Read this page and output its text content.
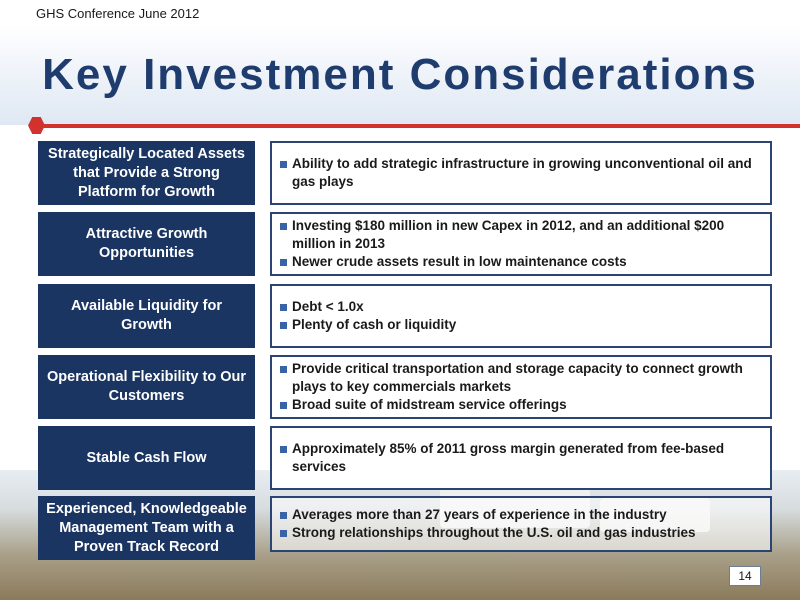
GHS Conference June 2012
Key Investment Considerations
Strategically Located Assets that Provide a Strong Platform for Growth
Ability to add strategic infrastructure in growing unconventional oil and gas plays
Attractive Growth Opportunities
Investing $180 million in new Capex in 2012, and an additional $200 million in 2013
Newer crude assets result in low maintenance costs
Available Liquidity for Growth
Debt < 1.0x
Plenty of cash or liquidity
Operational Flexibility to Our Customers
Provide critical transportation and storage capacity to connect growth plays to key commercials markets
Broad suite of midstream service offerings
Stable Cash Flow
Approximately 85% of 2011 gross margin generated from fee-based services
Experienced, Knowledgeable Management Team with a Proven Track Record
Averages more than 27 years of experience in the industry
Strong relationships throughout the U.S. oil and gas industries
14
